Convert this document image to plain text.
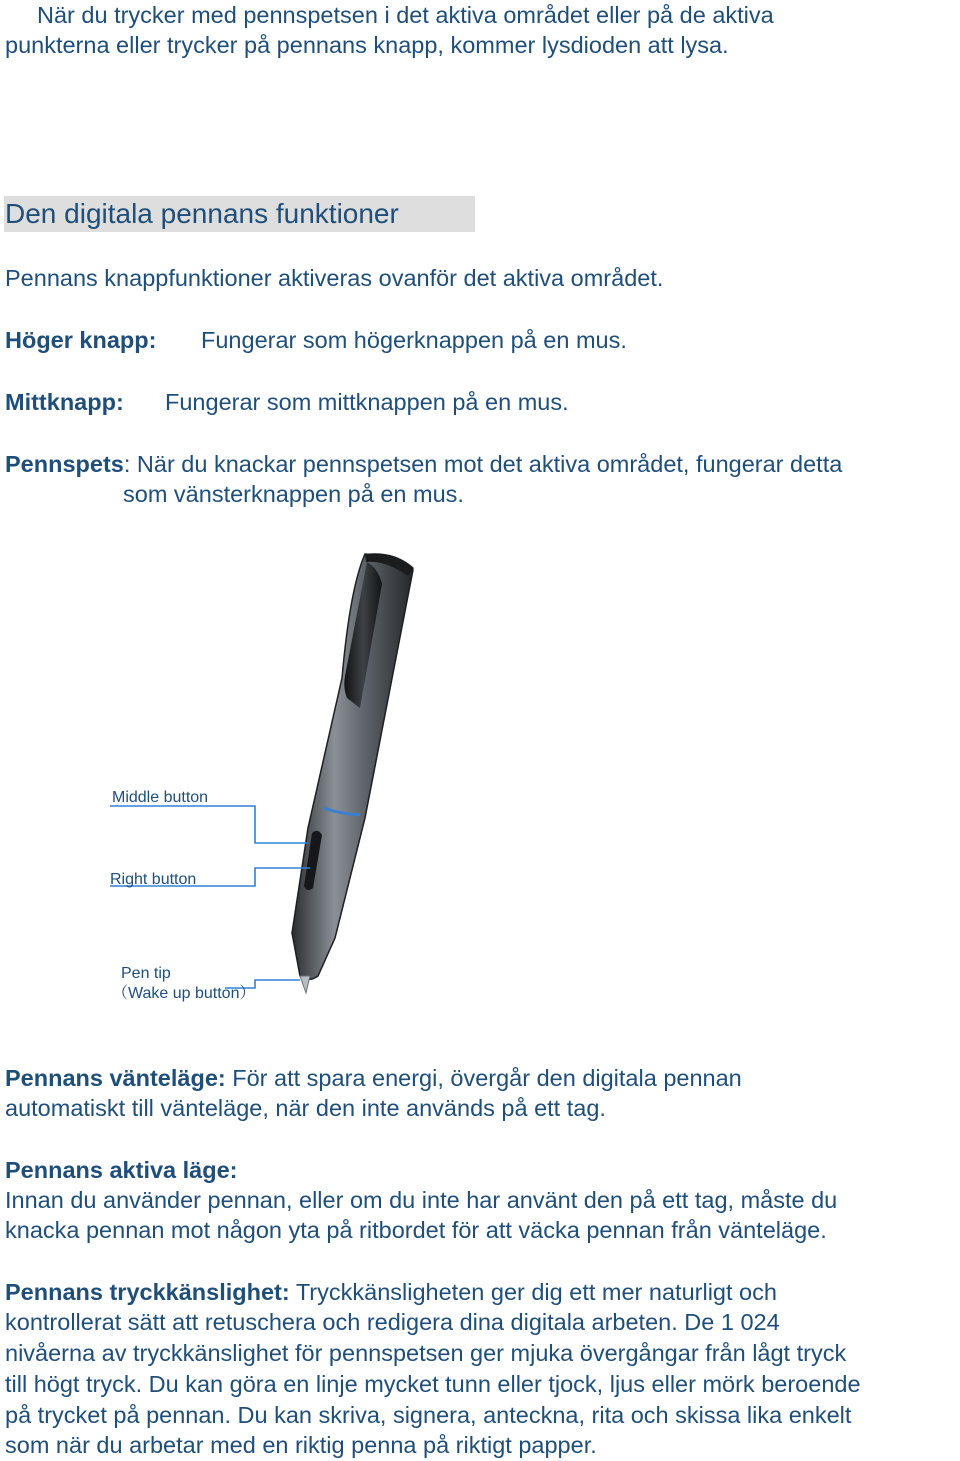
När du trycker med pennspetsen i det aktiva området eller på de aktiva

punkterna eller trycker på pennans knapp, kommer lysdioden att lysa.

Den digitala pennans funktioner

Pennans knappfunktioner aktiveras ovanför det aktiva området.

Höger knapp: Fungerar som högerknappen på en mus.

Mittknapp: Fungerar som mittknappen på en mus.

Pennspets: När du knackar pennspetsen mot det aktiva området, fungerar detta

som vänsterknappen på en mus.

Middle button
Right button
Pen tip
（Wake up button）

Pennans vänteläge: För att spara energi, övergår den digitala pennan

automatiskt till vänteläge, när den inte används på ett tag.

Pennans aktiva läge:

Innan du använder pennan, eller om du inte har använt den på ett tag, måste du

knacka pennan mot någon yta på ritbordet för att väcka pennan från vänteläge.

Pennans tryckkänslighet: Tryckkänsligheten ger dig ett mer naturligt och

kontrollerat sätt att retuschera och redigera dina digitala arbeten. De 1 024

nivåerna av tryckkänslighet för pennspetsen ger mjuka övergångar från lågt tryck

till högt tryck. Du kan göra en linje mycket tunn eller tjock, ljus eller mörk beroende

på trycket på pennan. Du kan skriva, signera, anteckna, rita och skissa lika enkelt

som när du arbetar med en riktig penna på riktigt papper.
